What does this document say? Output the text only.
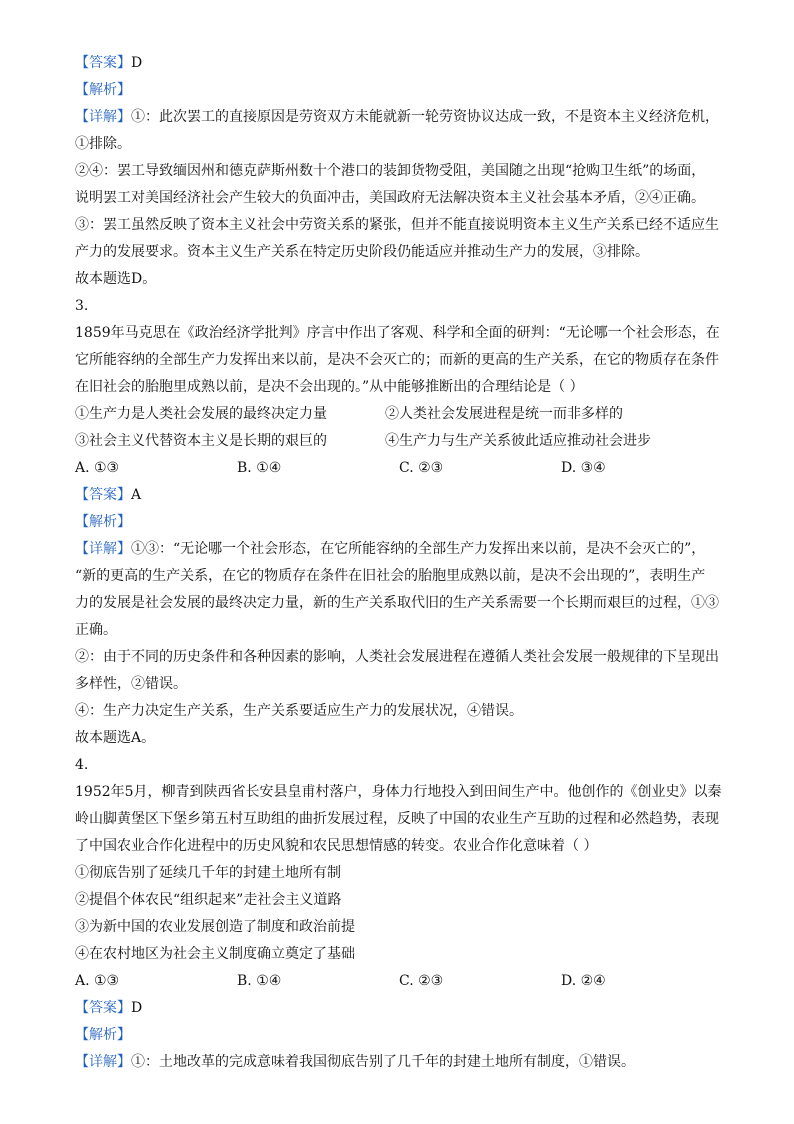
【答案】D
【解析】
【详解】①：此次罢工的直接原因是劳资双方未能就新一轮劳资协议达成一致，不是资本主义经济危机，
①排除。
②④：罢工导致缅因州和德克萨斯州数十个港口的装卸货物受阻，美国随之出现“抢购卫生纸”的场面，
说明罢工对美国经济社会产生较大的负面冲击，美国政府无法解决资本主义社会基本矛盾，②④正确。
③：罢工虽然反映了资本主义社会中劳资关系的紧张，但并不能直接说明资本主义生产关系已经不适应生
产力的发展要求。资本主义生产关系在特定历史阶段仍能适应并推动生产力的发展，③排除。
故本题选D。
3.
1859年马克思在《政治经济学批判》序言中作出了客观、科学和全面的研判：“无论哪一个社会形态，在
它所能容纳的全部生产力发挥出来以前，是决不会灭亡的；而新的更高的生产关系，在它的物质存在条件
在旧社会的胎胞里成熟以前，是决不会出现的。”从中能够推断出的合理结论是（ ）
①生产力是人类社会发展的最终决定力量	②人类社会发展进程是统一而非多样的
③社会主义代替资本主义是长期的艰巨的	④生产力与生产关系彼此适应推动社会进步
A. ①③	B. ①④	C. ②③	D. ③④
【答案】A
【解析】
【详解】①③：“无论哪一个社会形态，在它所能容纳的全部生产力发挥出来以前，是决不会灭亡的”，
“新的更高的生产关系，在它的物质存在条件在旧社会的胎胞里成熟以前，是决不会出现的”，表明生产
力的发展是社会发展的最终决定力量，新的生产关系取代旧的生产关系需要一个长期而艰巨的过程，①③
正确。
②：由于不同的历史条件和各种因素的影响，人类社会发展进程在遵循人类社会发展一般规律的下呈现出
多样性，②错误。
④：生产力决定生产关系，生产关系要适应生产力的发展状况，④错误。
故本题选A。
4.
1952年5月，柳青到陕西省长安县皇甫村落户，身体力行地投入到田间生产中。他创作的《创业史》以秦
岭山脚黄堡区下堡乡第五村互助组的曲折发展过程，反映了中国的农业生产互助的过程和必然趋势，表现
了中国农业合作化进程中的历史风貌和农民思想情感的转变。农业合作化意味着（ ）
①彻底告别了延续几千年的封建土地所有制
②提倡个体农民“组织起来”走社会主义道路
③为新中国的农业发展创造了制度和政治前提
④在农村地区为社会主义制度确立奠定了基础
A. ①③	B. ①④	C. ②③	D. ②④
【答案】D
【解析】
【详解】①：土地改革的完成意味着我国彻底告别了几千年的封建土地所有制度，①错误。
